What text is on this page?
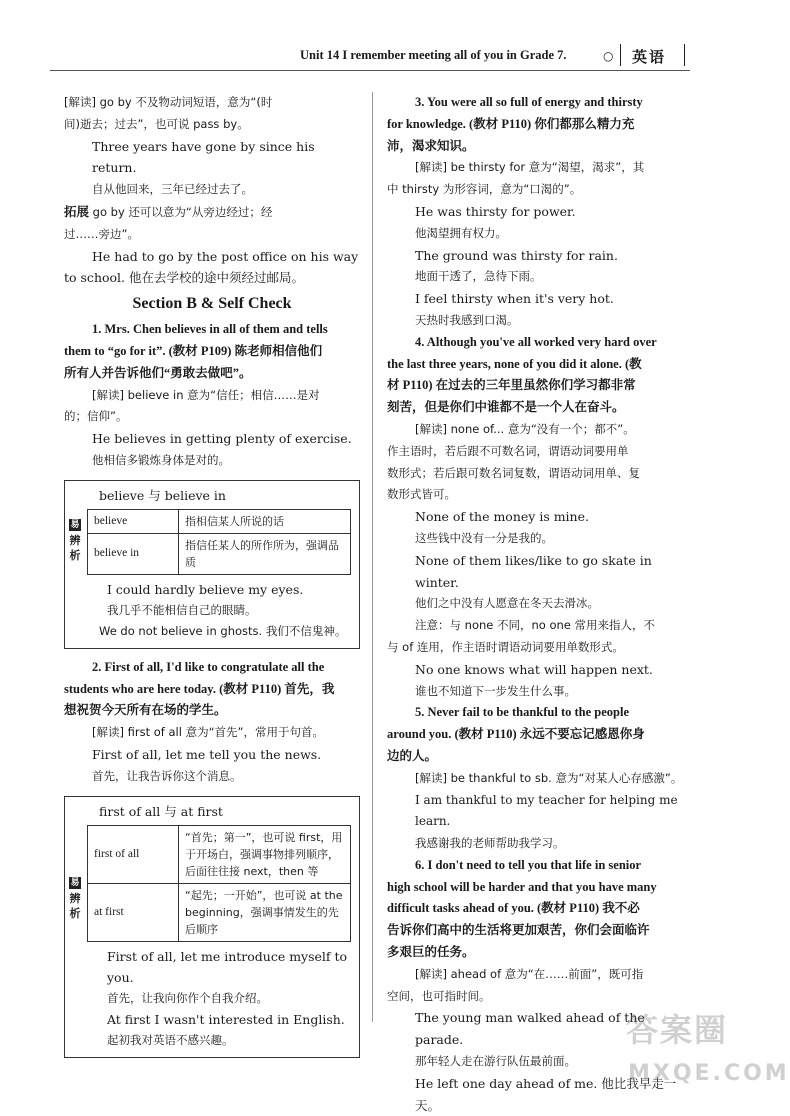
Unit 14 I remember meeting all of you in Grade 7.	○ 英语

[解读] go by 不及物动词短语，意为“(时

间)逝去；过去”，也可说 pass by。

Three years have gone by since his return.

自从他回来，三年已经过去了。

拓展 go by 还可以意为“从旁边经过；经

过……旁边”。

He had to go by the post office on his way

to school. 他在去学校的途中须经过邮局。

Section B & Self Check

1. Mrs. Chen believes in all of them and tells

them to “go for it”. (教材 P109) 陈老师相信他们

所有人并告诉他们“勇敢去做吧”。

[解读] believe in 意为“信任；相信……是对

的；信仰”。

He believes in getting plenty of exercise.

他相信多锻炼身体是对的。

易
辨析
believe 与 believe in
believe	指相信某人所说的话
believe in	指信任某人的所作所为，强调品质

I could hardly believe my eyes.

我几乎不能相信自己的眼睛。

We do not believe in ghosts. 我们不信鬼神。

2. First of all, I'd like to congratulate all the

students who are here today. (教材 P110) 首先，我

想祝贺今天所有在场的学生。

[解读] first of all 意为“首先”，常用于句首。

First of all, let me tell you the news.

首先，让我告诉你这个消息。

易
辨析
first of all 与 at first
first of all	“首先；第一”，也可说 first，用于开场白，强调事物排列顺序，后面往往接 next，then 等
at first	“起先；一开始”，也可说 at the beginning，强调事情发生的先后顺序

First of all, let me introduce myself to you.

首先，让我向你作个自我介绍。

At first I wasn't interested in English.

起初我对英语不感兴趣。

3. You were all so full of energy and thirsty

for knowledge. (教材 P110) 你们都那么精力充

沛，渴求知识。

[解读] be thirsty for 意为“渴望，渴求”，其

中 thirsty 为形容词，意为“口渴的”。

He was thirsty for power.

他渴望拥有权力。

The ground was thirsty for rain.

地面干透了，急待下雨。

I feel thirsty when it's very hot.

天热时我感到口渴。

4. Although you've all worked very hard over

the last three years, none of you did it alone. (教

材 P110) 在过去的三年里虽然你们学习都非常

刻苦，但是你们中谁都不是一个人在奋斗。

[解读] none of... 意为“没有一个；都不”。

作主语时，若后跟不可数名词，谓语动词要用单

数形式；若后跟可数名词复数，谓语动词用单、复

数形式皆可。

None of the money is mine.

这些钱中没有一分是我的。

None of them likes/like to go skate in winter.

他们之中没有人愿意在冬天去滑冰。

注意：与 none 不同，no one 常用来指人，不

与 of 连用，作主语时谓语动词要用单数形式。

No one knows what will happen next.

谁也不知道下一步发生什么事。

5. Never fail to be thankful to the people

around you. (教材 P110) 永远不要忘记感恩你身

边的人。

[解读] be thankful to sb. 意为“对某人心存感激”。

I am thankful to my teacher for helping me learn.

我感谢我的老师帮助我学习。

6. I don't need to tell you that life in senior

high school will be harder and that you have many

difficult tasks ahead of you. (教材 P110) 我不必

告诉你们高中的生活将更加艰苦，你们会面临许

多艰巨的任务。

[解读] ahead of 意为“在……前面”，既可指

空间，也可指时间。

The young man walked ahead of the parade.

那年轻人走在游行队伍最前面。

He left one day ahead of me. 他比我早走一天。

答案圈
MXQE.COM
